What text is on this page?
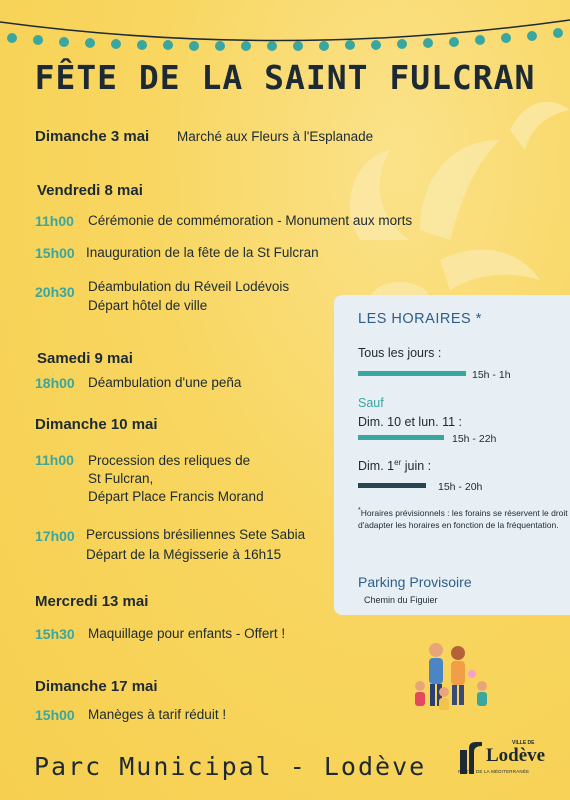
FÊTE DE LA SAINT FULCRAN
Dimanche 3 mai Marché aux Fleurs à l'Esplanade
Vendredi 8 mai
11h00 Cérémonie de commémoration - Monument aux morts
15h00 Inauguration de la fête de la St Fulcran
20h30 Déambulation du Réveil Lodévois
Départ hôtel de ville
Samedi 9 mai
18h00 Déambulation d'une peña
Dimanche 10 mai
11h00 Procession des reliques de
St Fulcran,
Départ Place Francis Morand
17h00 Percussions brésiliennes Sete Sabia
Départ de la Mégisserie à 16h15
Mercredi 13 mai
15h30 Maquillage pour enfants - Offert !
Dimanche 17 mai
15h00 Manèges à tarif réduit !
LES HORAIRES *
Tous les jours :
15h - 1h
Sauf
Dim. 10 et lun. 11 :
15h - 22h
Dim. 1er juin :
15h - 20h
*Horaires prévisionnels : les forains se réservent le droit d'adapter les horaires en fonction de la fréquentation.
Parking Provisoire
Chemin du Figuier
Parc Municipal - Lodève
VILLE DE
Lodève
PORTE DE LA MÉDITERRANÉE
